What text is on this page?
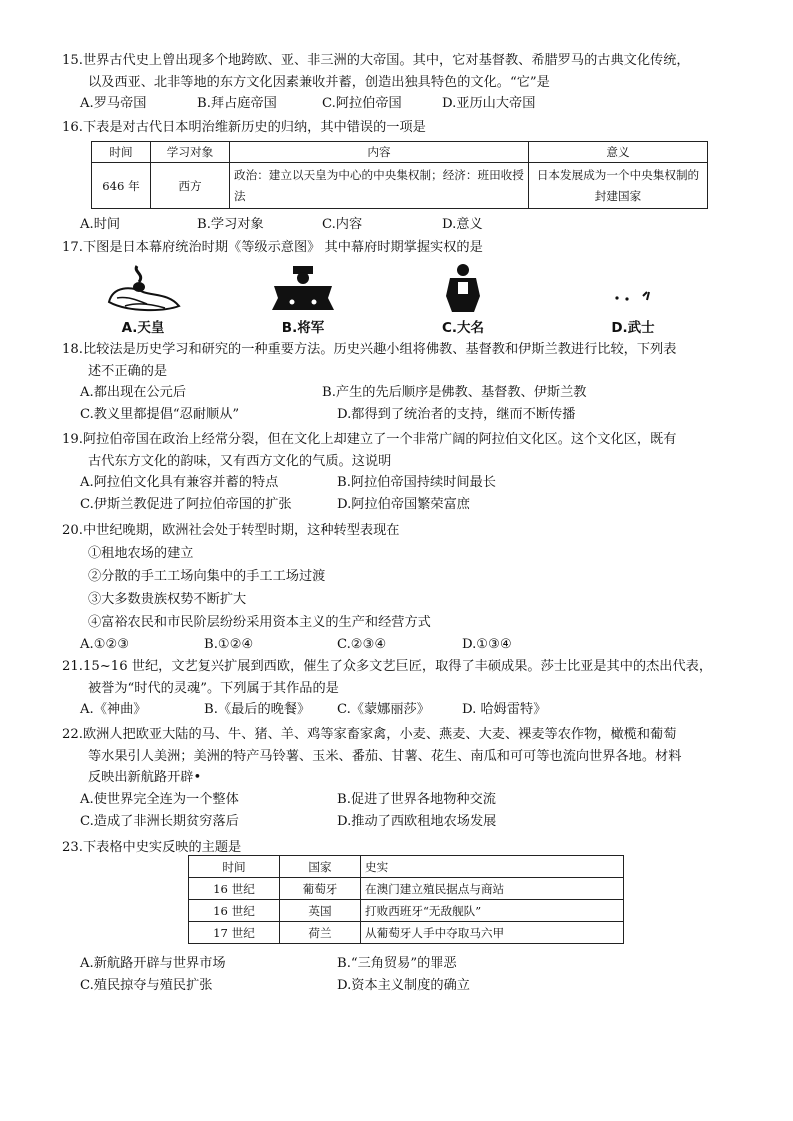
15.世界古代史上曾出现多个地跨欧、亚、非三洲的大帝国。其中，它对基督教、希腊罗马的古典文化传统，

以及西亚、北非等地的东方文化因素兼收并蓄，创造出独具特色的文化。“它”是

A.罗马帝国	B.拜占庭帝国	C.阿拉伯帝国	D.亚历山大帝国

16.下表是对古代日本明治维新历史的归纳，其中错误的一项是

时间	学习对象	内容	意义
646 年	西方	政治：建立以天皇为中心的中央集权制；经济：班田收授法	日本发展成为一个中央集权制的封建国家
A.时间	B.学习对象	C.内容	D.意义

17.下图是日本幕府统治时期《等级示意图》 其中幕府时期掌握实权的是

A.天皇	B.将军	C.大名	D.武士

18.比较法是历史学习和研究的一种重要方法。历史兴趣小组将佛教、基督教和伊斯兰教进行比较，下列表

述不正确的是

A.都出现在公元后	B.产生的先后顺序是佛教、基督教、伊斯兰教
C.教义里都提倡“忍耐顺从”	D.都得到了统治者的支持，继而不断传播

19.阿拉伯帝国在政治上经常分裂，但在文化上却建立了一个非常广阔的阿拉伯文化区。这个文化区，既有

古代东方文化的韵味，又有西方文化的气质。这说明

A.阿拉伯文化具有兼容并蓄的特点	B.阿拉伯帝国持续时间最长
C.伊斯兰教促进了阿拉伯帝国的扩张	D.阿拉伯帝国繁荣富庶

20.中世纪晚期，欧洲社会处于转型时期，这种转型表现在

①租地农场的建立
②分散的手工工场向集中的手工工场过渡
③大多数贵族权势不断扩大
④富裕农民和市民阶层纷纷采用资本主义的生产和经营方式
A.①②③	B.①②④	C.②③④	D.①③④

21.15~16 世纪，文艺复兴扩展到西欧，催生了众多文艺巨匠，取得了丰硕成果。莎士比亚是其中的杰出代表，

被誉为“时代的灵魂”。下列属于其作品的是

A.《神曲》	B.《最后的晚餐》 C.《蒙娜丽莎》 D. 哈姆雷特》

22.欧洲人把欧亚大陆的马、牛、猪、羊、鸡等家畜家禽，小麦、燕麦、大麦、裸麦等农作物，橄榄和葡萄

等水果引人美洲；美洲的特产马铃薯、玉米、番茄、甘薯、花生、南瓜和可可等也流向世界各地。材料

反映出新航路开辟•

A.使世界完全连为一个整体	B.促进了世界各地物种交流
C.造成了非洲长期贫穷落后	D.推动了西欧租地农场发展

23.下表格中史实反映的主题是

时间	国家	史实
16 世纪	葡萄牙	在澳门建立殖民据点与商站
16 世纪	英国	打败西班牙“无敌舰队”
17 世纪	荷兰	从葡萄牙人手中夺取马六甲
A.新航路开辟与世界市场	B.“三角贸易”的罪恶
C.殖民掠夺与殖民扩张	D.资本主义制度的确立
